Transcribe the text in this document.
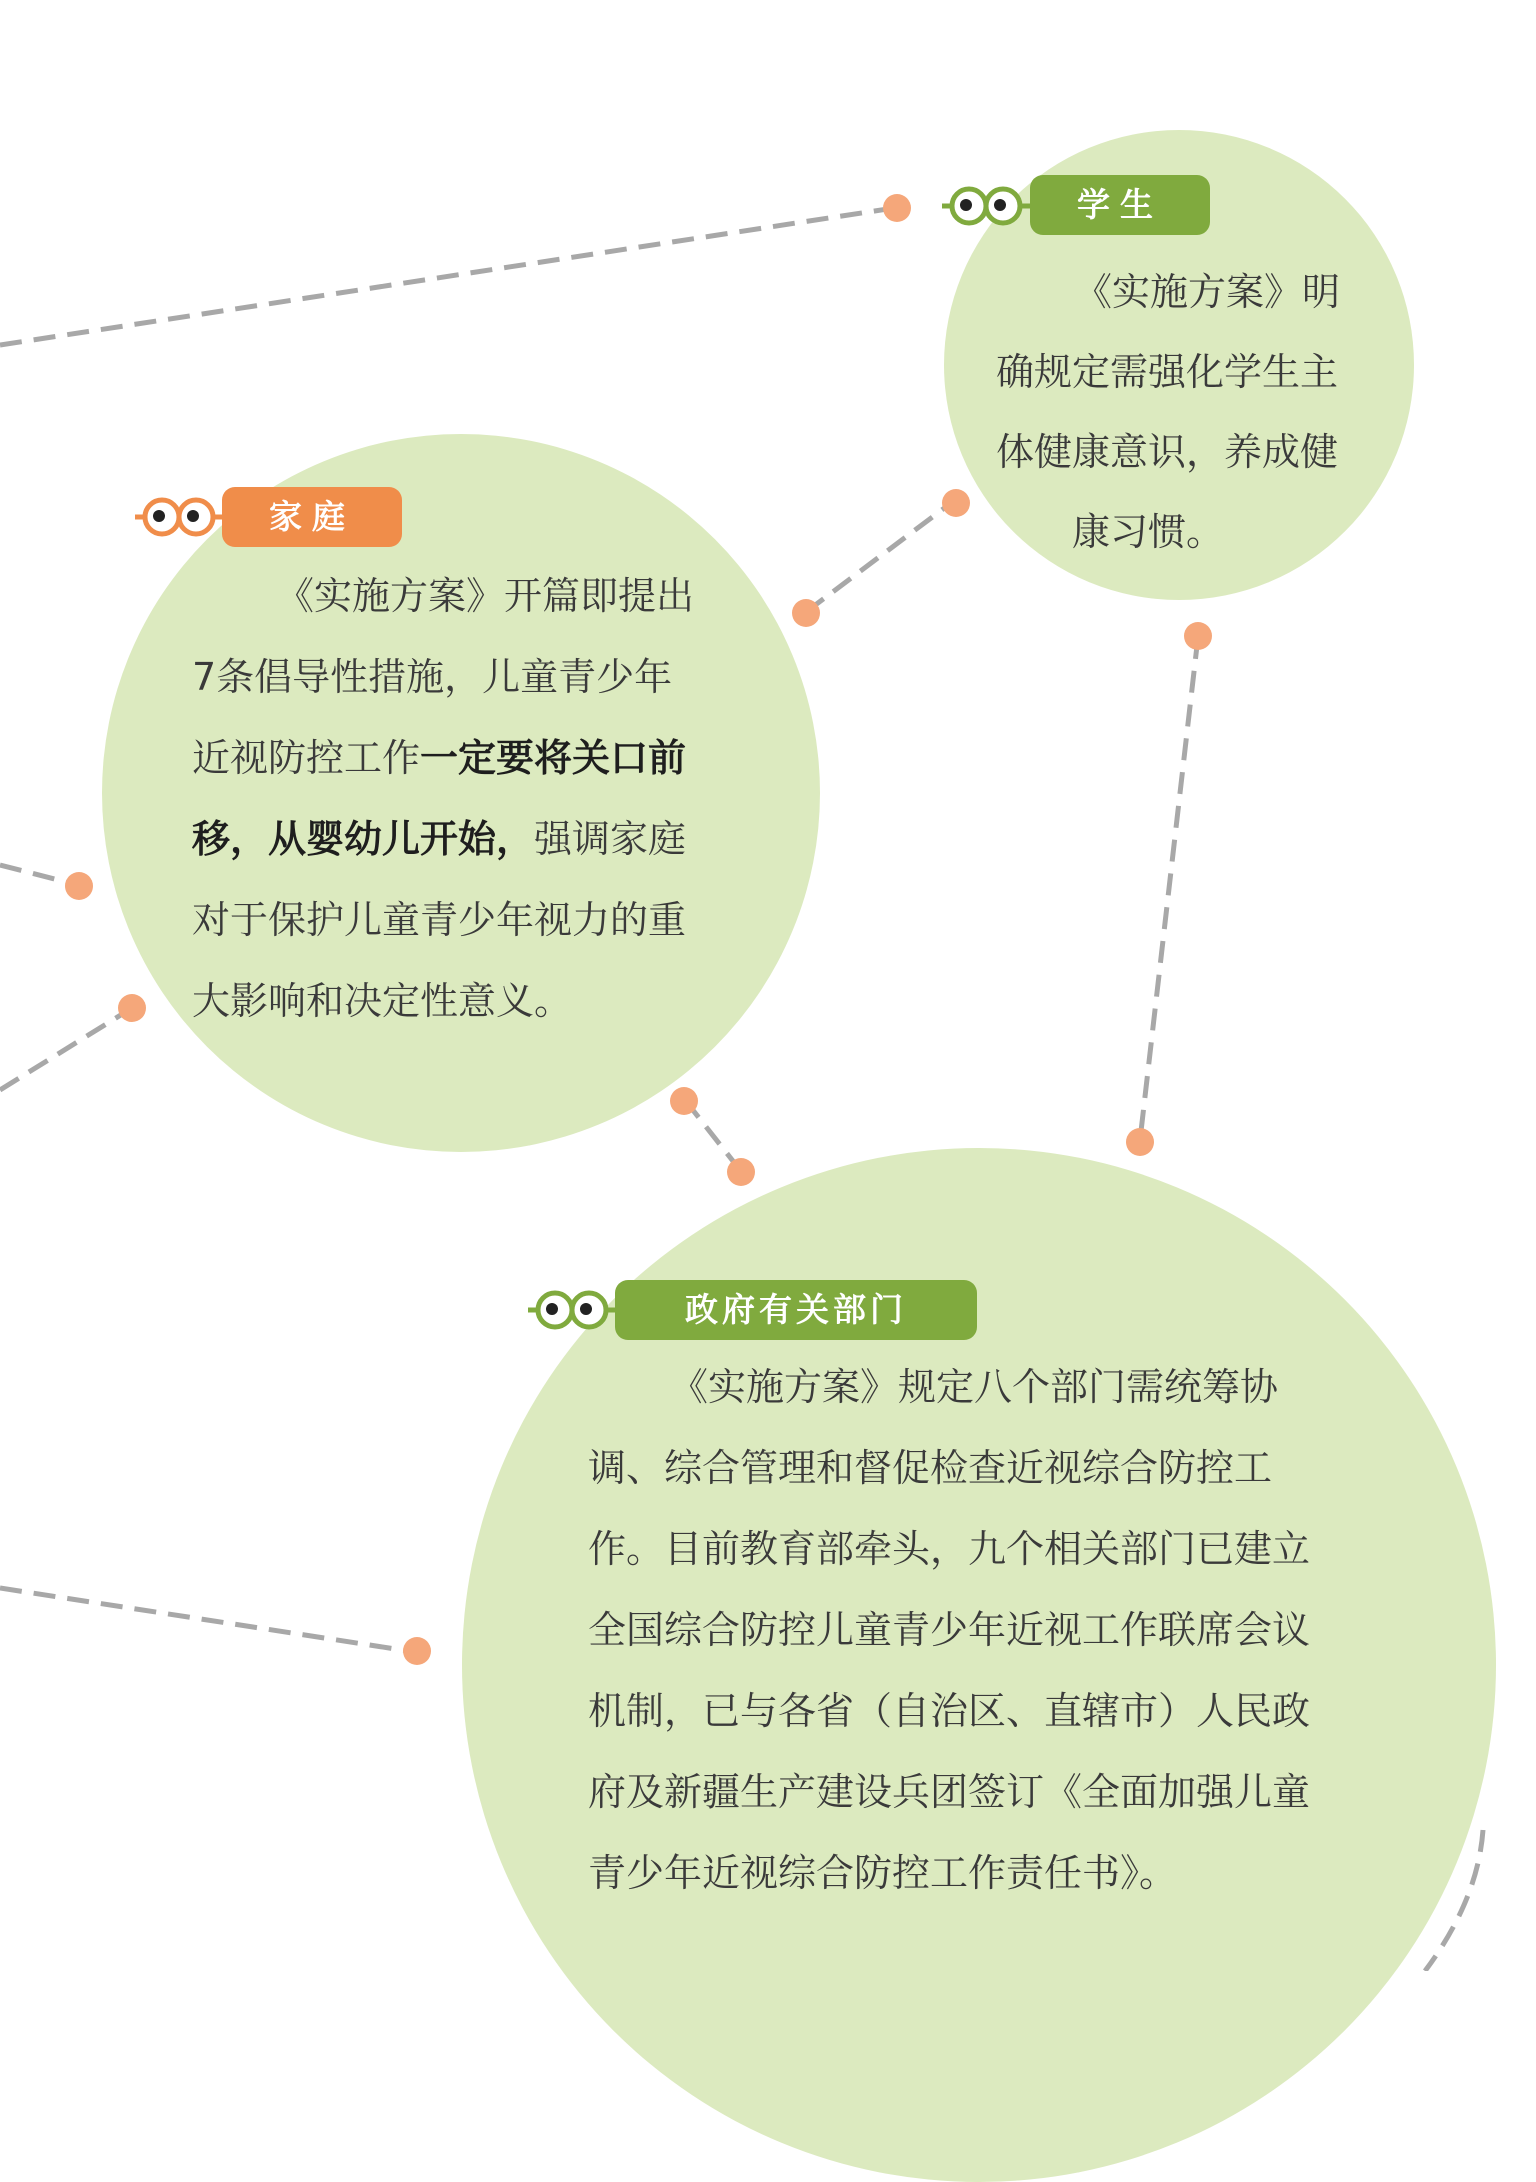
学生
《实施方案》明
确规定需强化学生主
体健康意识，养成健
康习惯。
家庭
《实施方案》开篇即提出
7条倡导性措施，儿童青少年
近视防控工作一定要将关口前
移，从婴幼儿开始，强调家庭
对于保护儿童青少年视力的重
大影响和决定性意义。
政府有关部门
《实施方案》规定八个部门需统筹协
调、综合管理和督促检查近视综合防控工
作。目前教育部牵头，九个相关部门已建立
全国综合防控儿童青少年近视工作联席会议
机制，已与各省（自治区、直辖市）人民政
府及新疆生产建设兵团签订《全面加强儿童
青少年近视综合防控工作责任书》。
